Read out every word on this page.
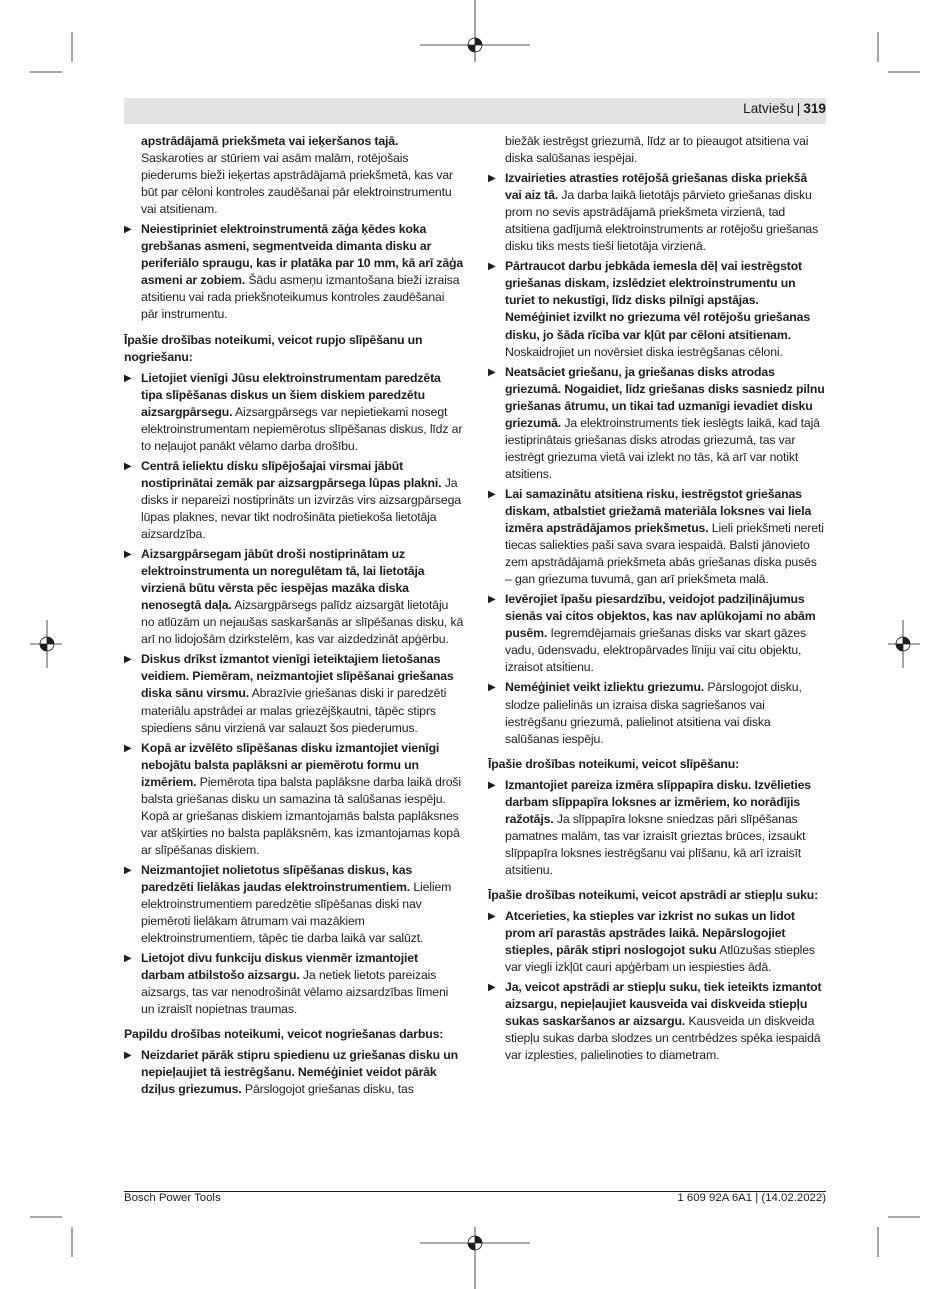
Latviešu | 319
apstrādājamā priekšmeta vai ieķeršanos tajā. Saskaroties ar stūriem vai asām malām, rotējošais piederums bieži ieķertas apstrādājamā priekšmetā, kas var būt par cēloni kontroles zaudēšanai pār elektroinstrumentu vai atsitienam.
▶ Neiestipriniet elektroinstrumentā zāģa ķēdes koka grebšanas asmeni, segmentveida dimanta disku ar periferiālo spraugu, kas ir platāka par 10 mm, kā arī zāģa asmeni ar zobiem. Šādu asmeņu izmantošana bieži izraisa atsitienu vai rada priekšnoteikumus kontroles zaudēšanai pār instrumentu.
Īpašie drošības noteikumi, veicot rupjo slīpēšanu un nogriešanu:
▶ Lietojiet vienīgi Jūsu elektroinstrumentam paredzēta tipa slīpēšanas diskus un šiem diskiem paredzētu aizsargpārsegu. Aizsargpārsegs var nepietiekami nosegt elektroinstrumentam nepiemērotus slīpēšanas diskus, līdz ar to neļaujot panākt vēlamo darba drošību.
▶ Centrā ieliektu disku slīpējošajai virsmai jābūt nostiprinātai zemāk par aizsargpārsega lūpas plakni. Ja disks ir nepareizi nostiprināts un izvirzās virs aizsargpārsega lūpas plaknes, nevar tikt nodrošināta pietiekoša lietotāja aizsardzība.
▶ Aizsargpārsegam jābūt droši nostiprinātam uz elektroinstrumenta un noregulētam tā, lai lietotāja virzienā būtu vērsta pēc iespējas mazāka diska nenosegtā daļa. Aizsargpārsegs palīdz aizsargāt lietotāju no atlūzām un nejaušas saskaršanās ar slīpēšanas disku, kā arī no lidojošām dzirkstelēm, kas var aizdedzināt apģērbu.
▶ Diskus drīkst izmantot vienīgi ieteiktajiem lietošanas veidiem. Piemēram, neizmantojiet slīpēšanai griešanas diska sānu virsmu. Abrazīvie griešanas diski ir paredzēti materiālu apstrādei ar malas griezējšķautni, tāpēc stiprs spiediens sānu virzienā var salauzt šos piederumus.
▶ Kopā ar izvēlēto slīpēšanas disku izmantojiet vienīgi nebojātu balsta paplāksni ar piemērotu formu un izmēriem. Piemērota tipa balsta paplāksne darba laikā droši balsta griešanas disku un samazina tā salūšanas iespēju. Kopā ar griešanas diskiem izmantojamās balsta paplāksnes var atšķirties no balsta paplāksnēm, kas izmantojamas kopā ar slīpēšanas diskiem.
▶ Neizmantojiet nolietotus slīpēšanas diskus, kas paredzēti lielākas jaudas elektroinstrumentiem. Lieliem elektroinstrumentiem paredzētie slīpēšanas diski nav piemēroti lielākam ātrumam vai mazākiem elektroinstrumentiem, tāpēc tie darba laikā var salūzt.
▶ Lietojot divu funkciju diskus vienmēr izmantojiet darbam atbilstošo aizsargu. Ja netiek lietots pareizais aizsargs, tas var nenodrošināt vēlamo aizsardzības līmeni un izraisīt nopietnas traumas.
Papildu drošības noteikumi, veicot nogriešanas darbus:
▶ Neizdariet pārāk stipru spiedienu uz griešanas disku un nepieļaujiet tā iestrēgšanu. Neméģiniet veidot pārāk dziļus griezumus. Pārslogojot griešanas disku, tas
biežāk iestrēgst griezumā, līdz ar to pieaugot atsitiena vai diska salūšanas iespējai.
▶ Izvairieties atrasties rotējošā griešanas diska priekšā vai aiz tā. Ja darba laikā lietotājs pārvieto griešanas disku prom no sevis apstrādājamā priekšmeta virzienā, tad atsitiena gadījumā elektroinstruments ar rotējošu griešanas disku tiks mests tieši lietotāja virzienā.
▶ Pārtraucot darbu jebkāda iemesla dēļ vai iestrēgstot griešanas diskam, izslēdziet elektroinstrumentu un turiet to nekustīgi, līdz disks pilnīgi apstājas. Neméģiniet izvilkt no griezuma vēl rotējošu griešanas disku, jo šāda rīcība var kļūt par cēloni atsitienam. Noskaidrojiet un novērsiet diska iestrēgšanas cēloni.
▶ Neatsāciet griešanu, ja griešanas disks atrodas griezumā. Nogaidiet, līdz griešanas disks sasniedz pilnu griešanas ātrumu, un tikai tad uzmanīgi ievadiet disku griezumā. Ja elektroinstruments tiek ieslēgts laikā, kad tajā iestiprinātais griešanas disks atrodas griezumā, tas var iestrēgt griezuma vietā vai izlekt no tās, kā arī var notikt atsitiens.
▶ Lai samazinātu atsitiena risku, iestrēgstot griešanas diskam, atbalstiet griežamā materiāla loksnes vai liela izmēra apstrādājamos priekšmetus. Lieli priekšmeti nereti tiecas saliekties paši sava svara iespaidā. Balsti jānovieto zem apstrādājamā priekšmeta abās griešanas diska pusēs – gan griezuma tuvumā, gan arī priekšmeta malā.
▶ Ievērojiet īpašu piesardzību, veidojot padziļinājumus sienās vai citos objektos, kas nav aplūkojami no abām pusēm. Iegremdējamais griešanas disks var skart gāzes vadu, ūdensvadu, elektropārvades līniju vai citu objektu, izraisot atsitienu.
▶ Neméģiniet veikt izliektu griezumu. Pārslogojot disku, slodze palielinās un izraisa diska sagriešanos vai iestrēgšanu griezumā, palielinot atsitiena vai diska salūšanas iespēju.
Īpašie drošības noteikumi, veicot slīpēšanu:
▶ Izmantojiet pareiza izmēra slīppapīra disku. Izvēlieties darbam slīppapīra loksnes ar izmēriem, ko norādījis ražotājs. Ja slīppapīra loksne sniedzas pāri slīpēšanas pamatnes malām, tas var izraisīt grieztas brūces, izsaukt slīppapīra loksnes iestrēgšanu vai plīšanu, kā arī izraisīt atsitienu.
Īpašie drošības noteikumi, veicot apstrādi ar stiepļu suku:
▶ Atcerieties, ka stieples var izkrist no sukas un lidot prom arī parastās apstrādes laikā. Nepārslogojiet stieples, pārāk stipri noslogojot suku Atlūzušas stieples var viegli izkļūt cauri apģērbam un iespiesties ādā.
▶ Ja, veicot apstrādi ar stiepļu suku, tiek ieteikts izmantot aizsargu, nepieļaujiet kausveida vai diskveida stiepļu sukas saskaršanos ar aizsargu. Kausveida un diskveida stiepļu sukas darba slodzes un centrbēdzes spēka iespaidā var izplesties, palielinoties to diametram.
Bosch Power Tools	1 609 92A 6A1 | (14.02.2022)
